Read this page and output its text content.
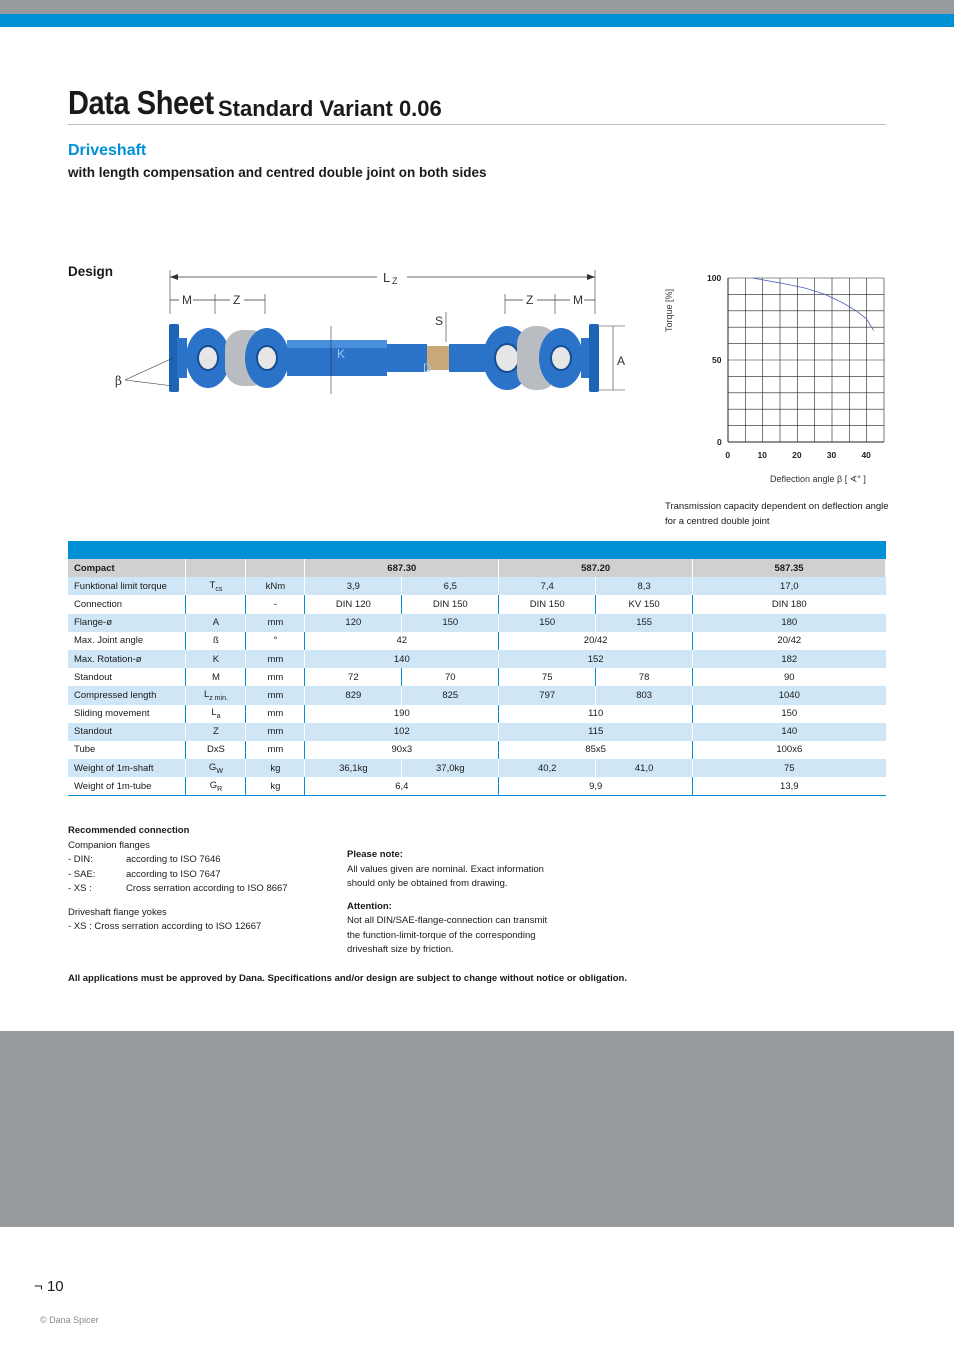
Data Sheet Standard Variant 0.06
Driveshaft
with length compensation and centred double joint on both sides
Design	L Z
M	Z	Z	M
S
K
D	A
β
0	10	20	30	40
0
50
100
Torque [%]
Deflection angle β [ ∢° ]
Transmission capacity dependent on deflection angle for a centred double joint
Compact			687.30		587.20		587.35
Funktional limit torque	$T_{cs}$	kNm	3,9	6,5	7,4	8,3	17,0
Connection		-	DIN 120	DIN 150	DIN 150	KV 150	DIN 180
Flange-ø	A	mm	120	150	150	155	180
Max. Joint angle	ß	°	42		20/42		20/42
Max. Rotation-ø	K	mm	140		152		182
Standout	M	mm	72	70	75	78	90
Compressed length	$L_{z min.}$	mm	829	825	797	803	1040
Sliding movement	$L_a$	mm	190		110		150
Standout	Z	mm	102		115		140
Tube	DxS	mm	90x3		85x5		100x6
Weight of 1m-shaft	$G_W$	kg	36,1kg	37,0kg	40,2	41,0	75
Weight of 1m-tube	$G_R$	kg	6,4		9,9		13,9
Recommended connection
Companion flanges
- DIN:	according to ISO 7646
- SAE:	according to ISO 7647
- XS :	Cross serration according to ISO 8667
Driveshaft flange yokes
- XS : Cross serration according to ISO 12667
Please note:
All values given are nominal. Exact information
should only be obtained from drawing.
Attention:
Not all DIN/SAE-flange-connection can transmit
the function-limit-torque of the corresponding
driveshaft size by friction.
All applications must be approved by Dana. Specifications and/or design are subject to change without notice or obligation.
¬ 10
© Dana Spicer
